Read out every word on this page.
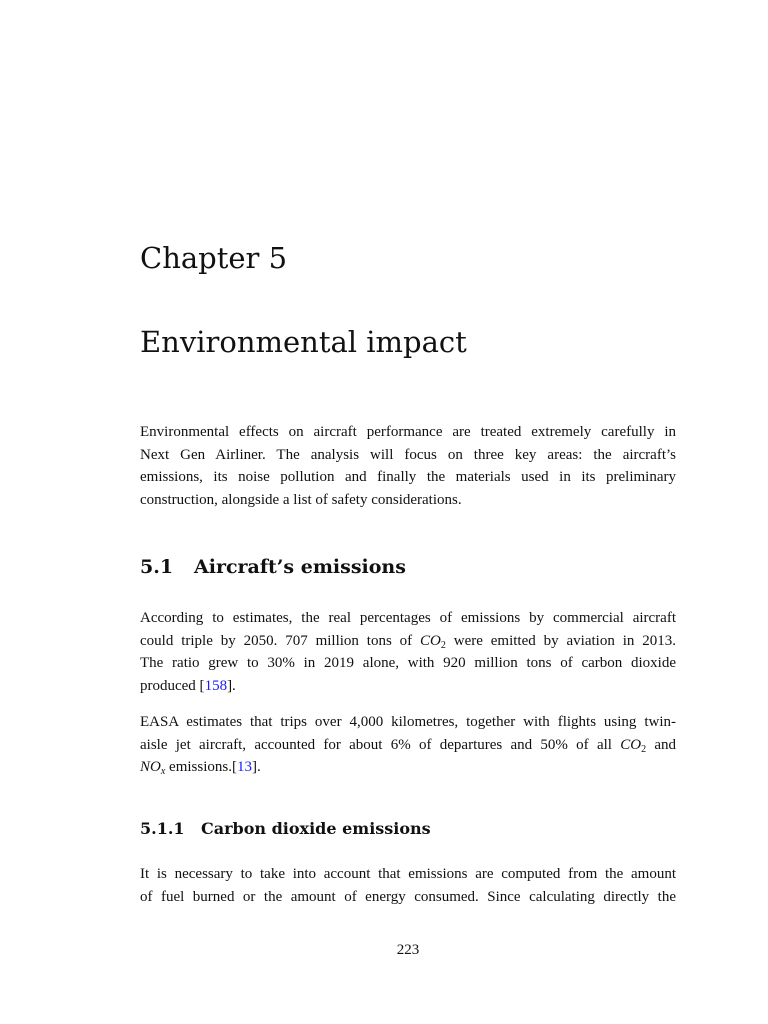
Chapter 5
Environmental impact
Environmental effects on aircraft performance are treated extremely carefully in
Next Gen Airliner. The analysis will focus on three key areas: the aircraft’s
emissions, its noise pollution and finally the materials used in its preliminary
construction, alongside a list of safety considerations.
5.1 Aircraft’s emissions
According to estimates, the real percentages of emissions by commercial aircraft
could triple by 2050. 707 million tons of $CO_2$ were emitted by aviation in 2013.
The ratio grew to 30% in 2019 alone, with 920 million tons of carbon dioxide
produced [158].
EASA estimates that trips over 4,000 kilometres, together with flights using twin-
aisle jet aircraft, accounted for about 6% of departures and 50% of all $CO_2$ and
$NO_x$ emissions.[13].
5.1.1 Carbon dioxide emissions
It is necessary to take into account that emissions are computed from the amount
of fuel burned or the amount of energy consumed. Since calculating directly the
223
